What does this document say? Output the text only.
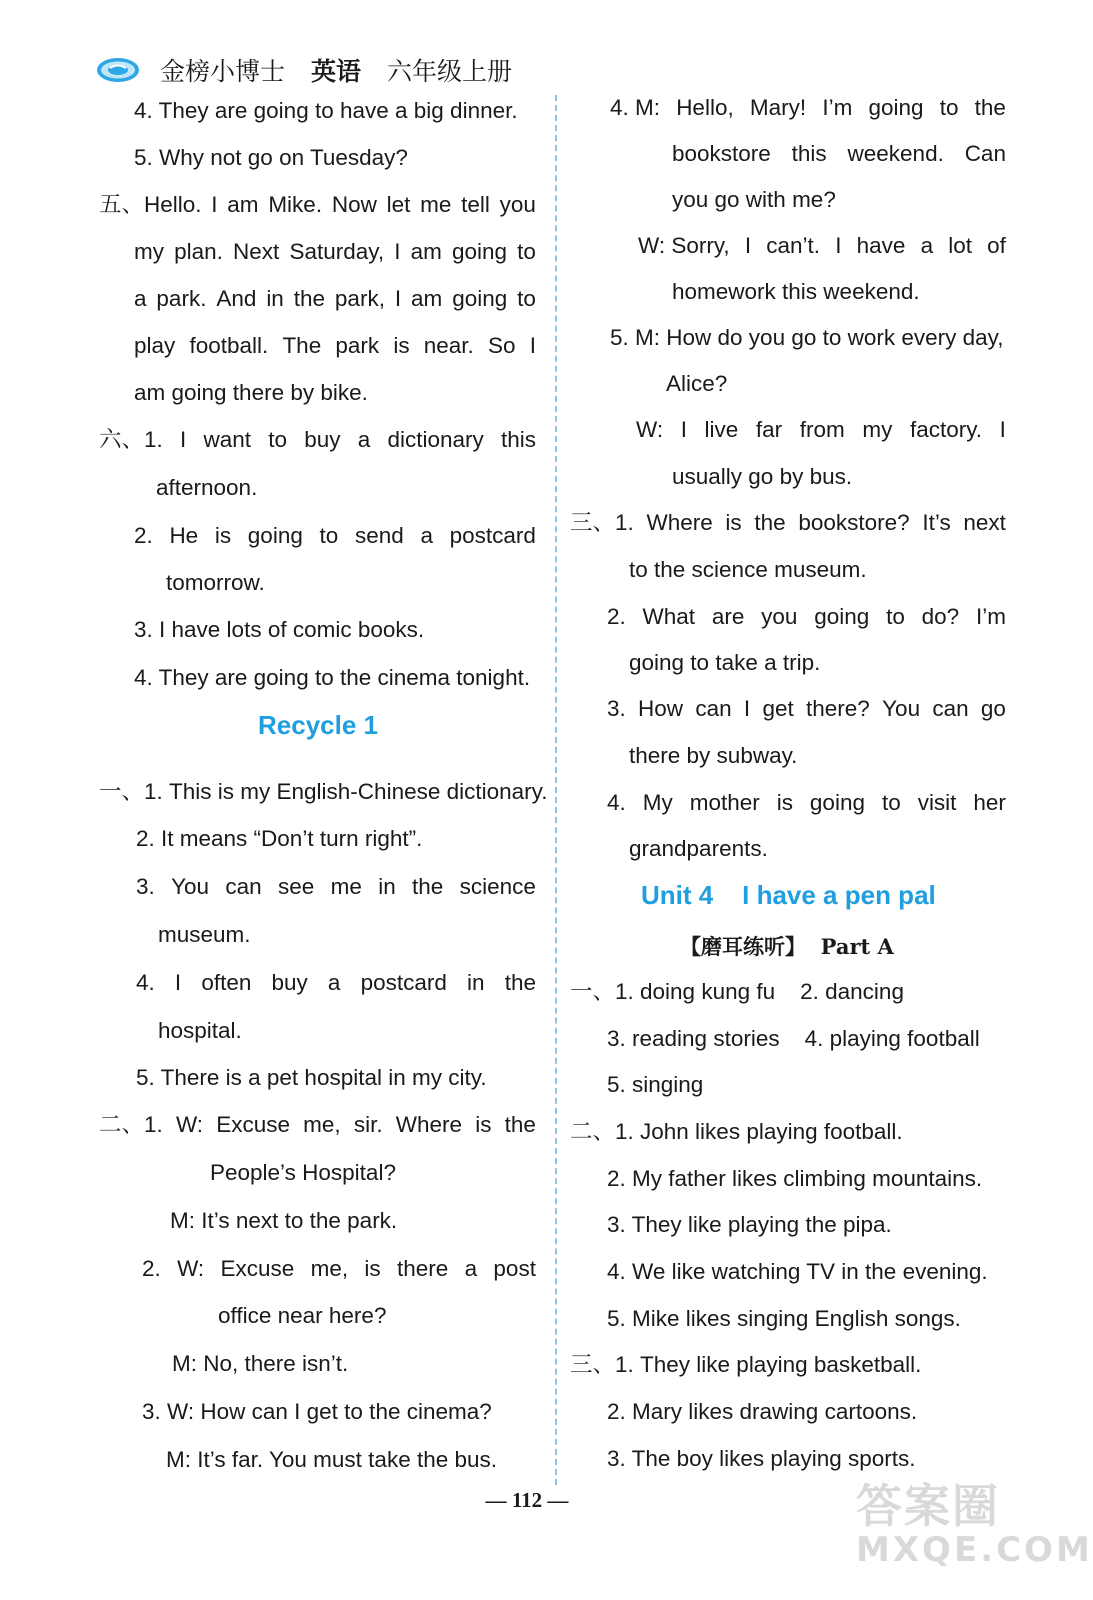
金榜小博士 英语 六年级上册
4. They are going to have a big dinner.
5. Why not go on Tuesday?
五、Hello. I am Mike. Now let me tell you
my plan. Next Saturday, I am going to
a park. And in the park, I am going to
play football. The park is near. So I
am going there by bike.
六、1. I want to buy a dictionary this
afternoon.
2. He is going to send a postcard
tomorrow.
3. I have lots of comic books.
4. They are going to the cinema tonight.
Recycle 1
一、1. This is my English-Chinese dictionary.
2. It means “Don’t turn right”.
3. You can see me in the science
museum.
4. I often buy a postcard in the
hospital.
5. There is a pet hospital in my city.
二、1. W: Excuse me, sir. Where is the
People’s Hospital?
M: It’s next to the park.
2. W: Excuse me, is there a post
office near here?
M: No, there isn’t.
3. W: How can I get to the cinema?
M: It’s far. You must take the bus.
4. M: Hello, Mary! I’m going to the
bookstore this weekend. Can
you go with me?
W: Sorry, I can’t. I have a lot of
homework this weekend.
5. M: How do you go to work every day,
Alice?
W: I live far from my factory. I
usually go by bus.
三、1. Where is the bookstore? It’s next
to the science museum.
2. What are you going to do? I’m
going to take a trip.
3. How can I get there? You can go
there by subway.
4. My mother is going to visit her
grandparents.
Unit 4    I have a pen pal
【磨耳练听】  Part A
一、1. doing kung fu    2. dancing
3. reading stories    4. playing football
5. singing
二、1. John likes playing football.
2. My father likes climbing mountains.
3. They like playing the pipa.
4. We like watching TV in the evening.
5. Mike likes singing English songs.
三、1. They like playing basketball.
2. Mary likes drawing cartoons.
3. The boy likes playing sports.
— 112 —	答案圈
MXQE.COM
